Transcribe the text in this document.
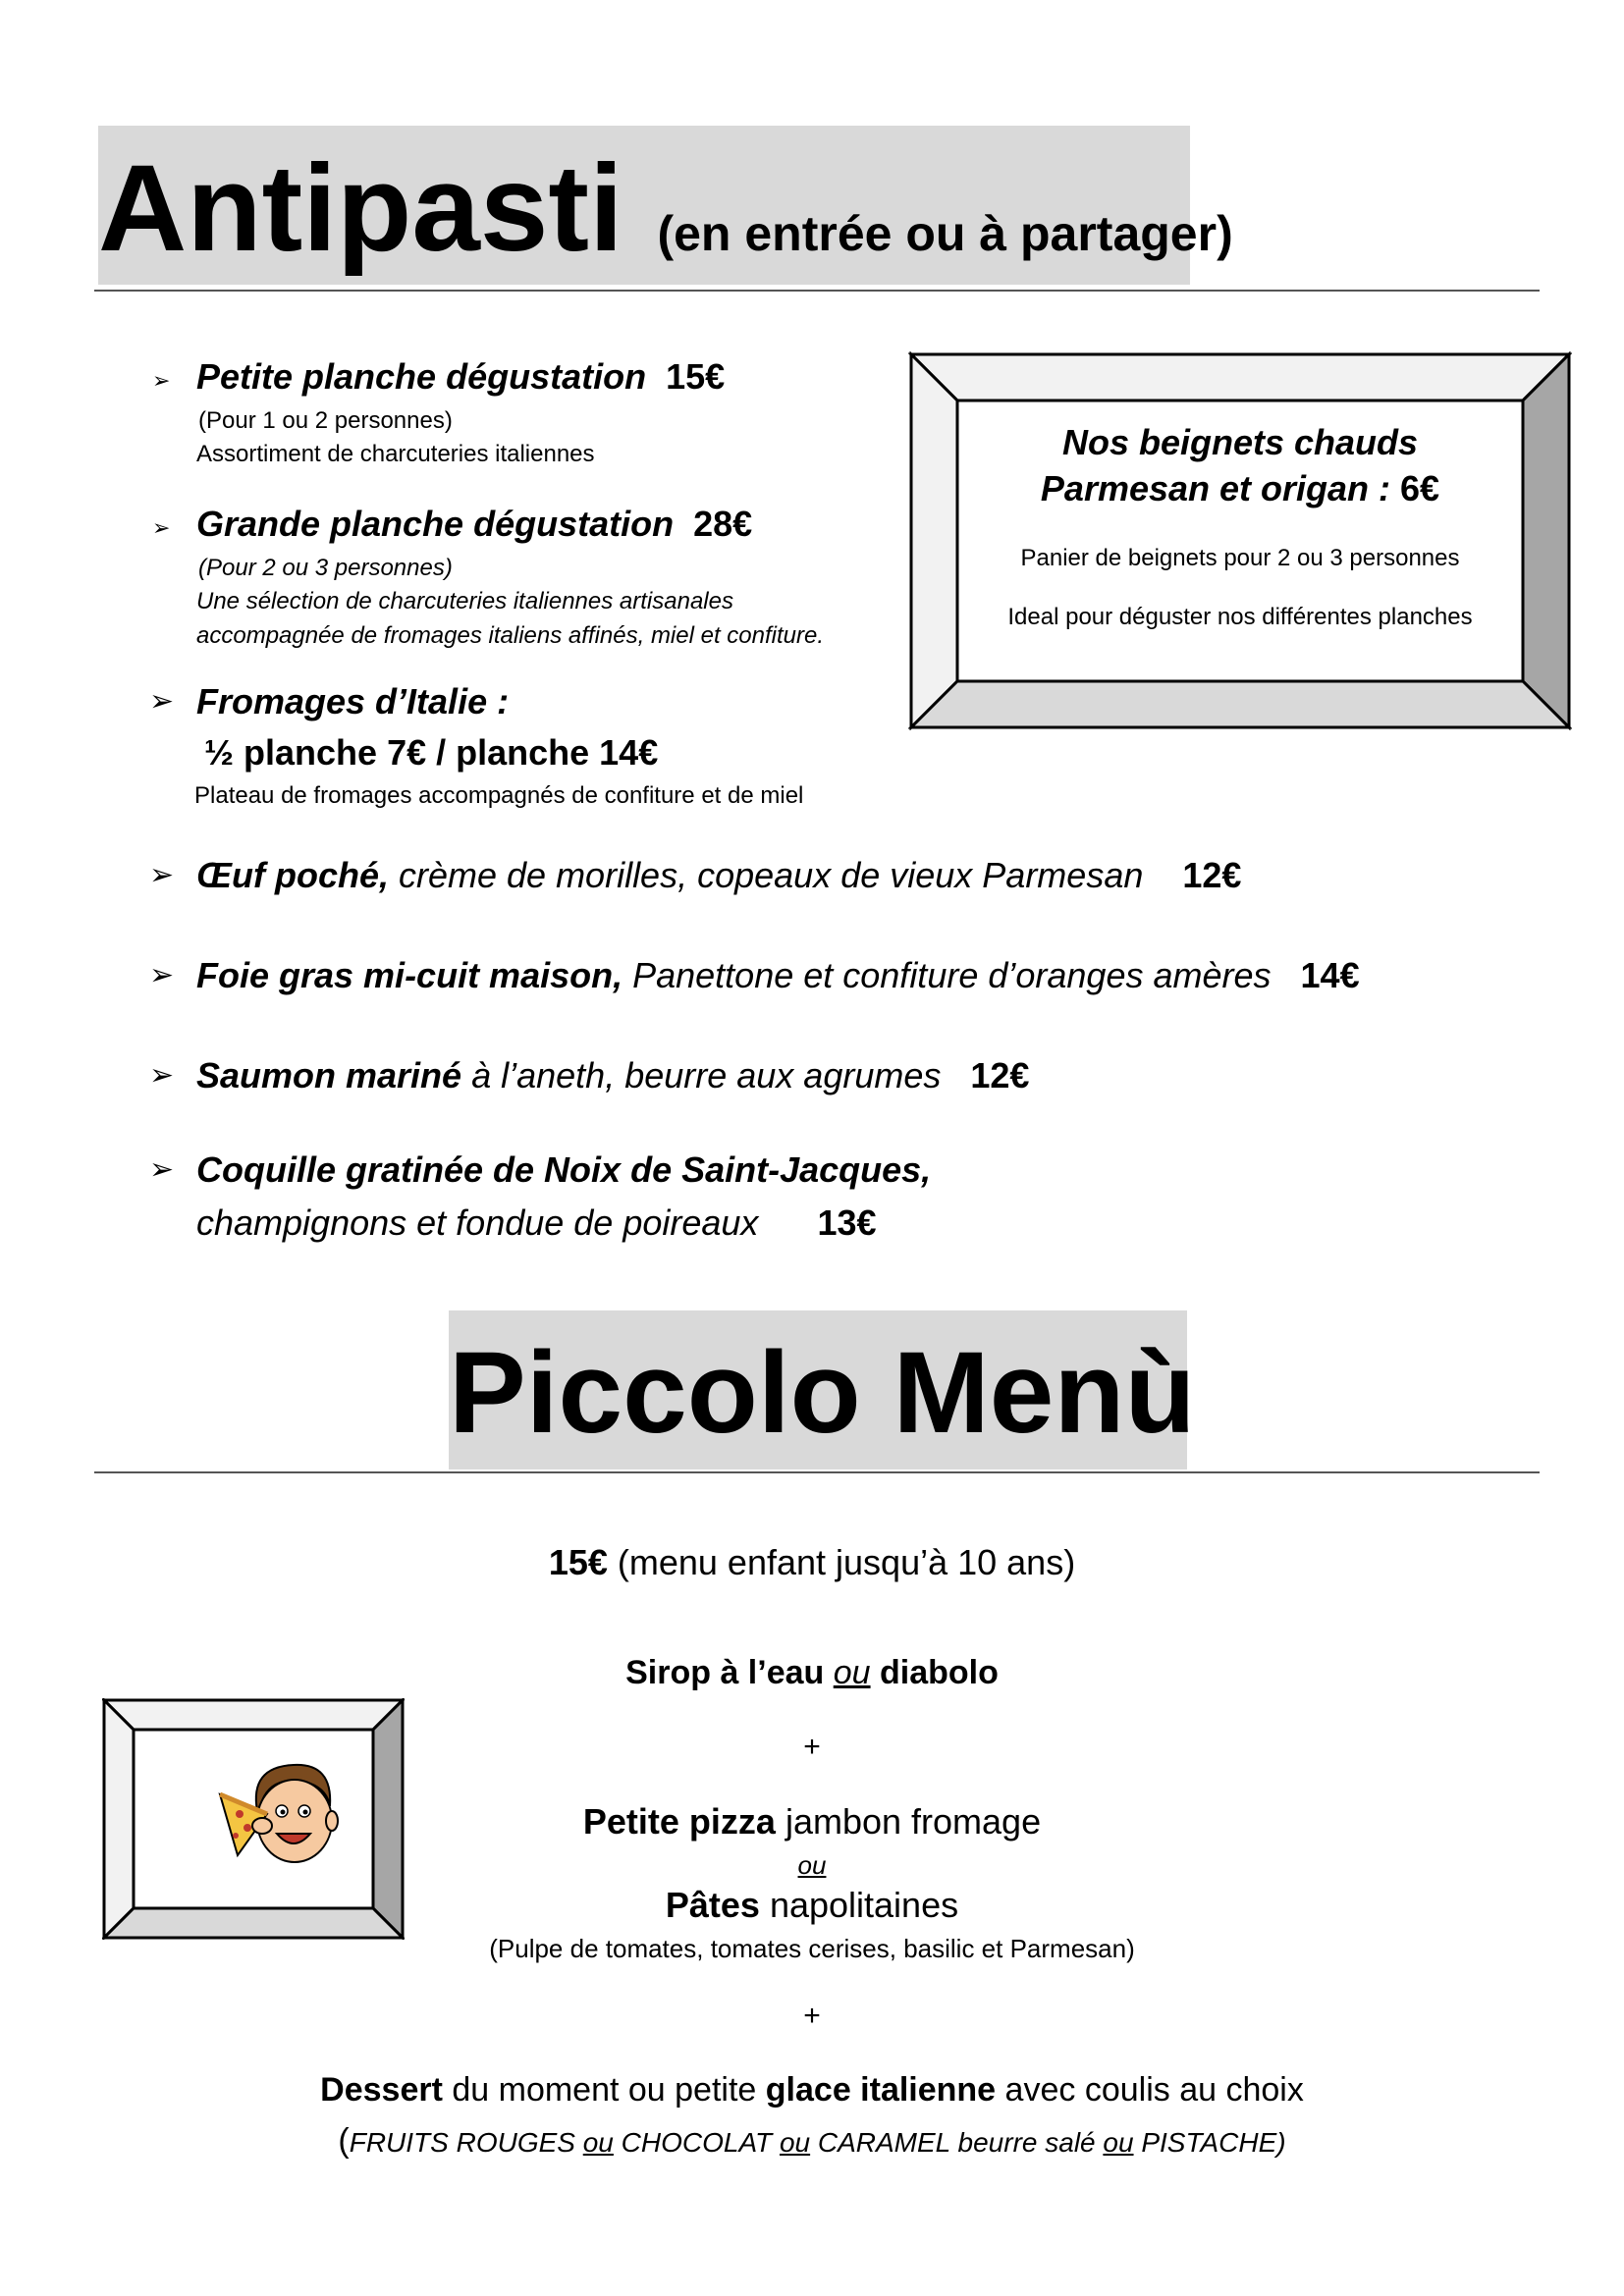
Antipasti (en entrée ou à partager)
➢ Petite planche dégustation 15€
(Pour 1 ou 2 personnes)
Assortiment de charcuteries italiennes
➢ Grande planche dégustation 28€
(Pour 2 ou 3 personnes)
Une sélection de charcuteries italiennes artisanales
accompagnée de fromages italiens affinés, miel et confiture.
➢ Fromages d’Italie :
½ planche 7€ / planche 14€
Plateau de fromages accompagnés de confiture et de miel
➢ Œuf poché, crème de morilles, copeaux de vieux Parmesan 12€
➢ Foie gras mi-cuit maison, Panettone et confiture d’oranges amères 14€
➢ Saumon mariné à l’aneth, beurre aux agrumes 12€
➢ Coquille gratinée de Noix de Saint-Jacques,
champignons et fondue de poireaux 13€
Nos beignets chauds
Parmesan et origan : 6€
Panier de beignets pour 2 ou 3 personnes
Ideal pour déguster nos différentes planches
Piccolo Menù
15€ (menu enfant jusqu’à 10 ans)
Sirop à l’eau ou diabolo
+
Petite pizza jambon fromage
ou
Pâtes napolitaines
(Pulpe de tomates, tomates cerises, basilic et Parmesan)
+
Dessert du moment ou petite glace italienne avec coulis au choix
(FRUITS ROUGES ou CHOCOLAT ou CARAMEL beurre salé ou PISTACHE)
